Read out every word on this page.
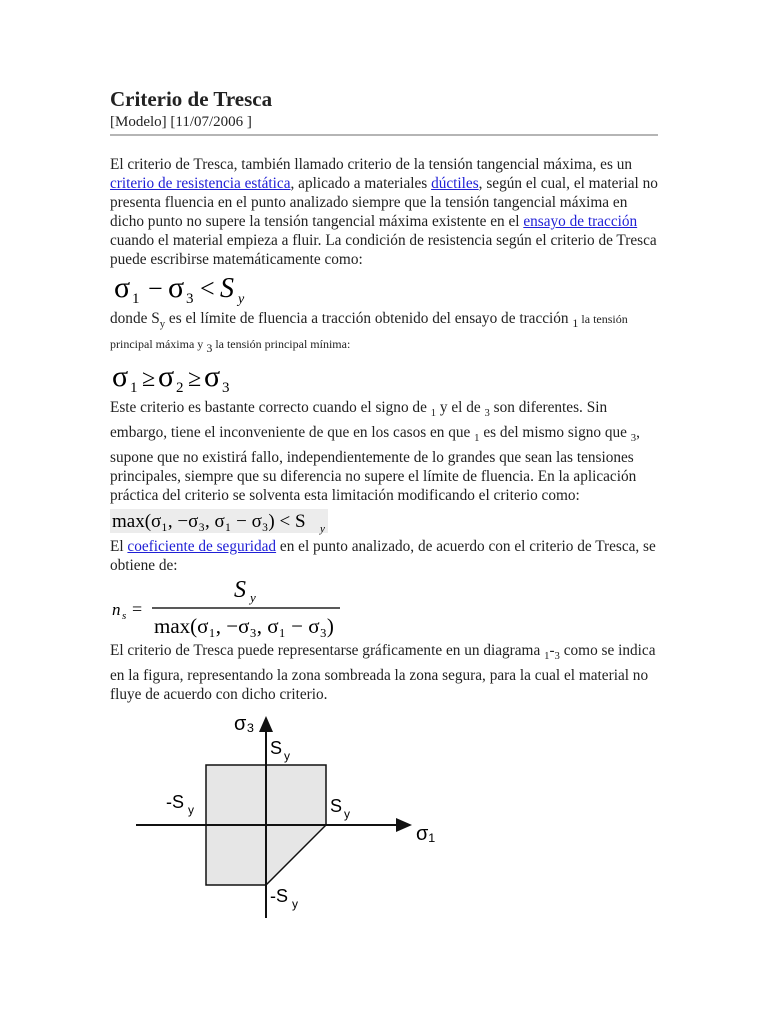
Criterio de Tresca
[Modelo] [11/07/2006 ]

El criterio de Tresca, también llamado criterio de la tensión tangencial máxima, es un criterio de resistencia estática, aplicado a materiales dúctiles, según el cual, el material no presenta fluencia en el punto analizado siempre que la tensión tangencial máxima en dicho punto no supere la tensión tangencial máxima existente en el ensayo de tracción cuando el material empieza a fluir. La condición de resistencia según el criterio de Tresca puede escribirse matemáticamente como:

σ 1 − σ 3 < S y

donde $S_y$ es el límite de fluencia a tracción obtenido del ensayo de tracción $_1$ la tensión principal máxima y $_3$ la tensión principal mínima:

σ 1 ≥ σ 2 ≥ σ 3

Este criterio es bastante correcto cuando el signo de $_1$ y el de $_3$ son diferentes. Sin embargo, tiene el inconveniente de que en los casos en que $_1$ es del mismo signo que $_3$, supone que no existirá fallo, independientemente de lo grandes que sean las tensiones principales, siempre que su diferencia no supere el límite de fluencia. En la aplicación práctica del criterio se solventa esta limitación modificando el criterio como:

max(σ₁, −σ₃, σ₁ − σ₃) < S y

El coeficiente de seguridad en el punto analizado, de acuerdo con el criterio de Tresca, se obtiene de:

n s =
S y
max(σ₁, −σ₃, σ₁ − σ₃)

El criterio de Tresca puede representarse gráficamente en un diagrama $_1-_3$ como se indica en la figura, representando la zona sombreada la zona segura, para la cual el material no fluye de acuerdo con dicho criterio.

σ₃
σ₁
S y
S y
-S y
-S y
